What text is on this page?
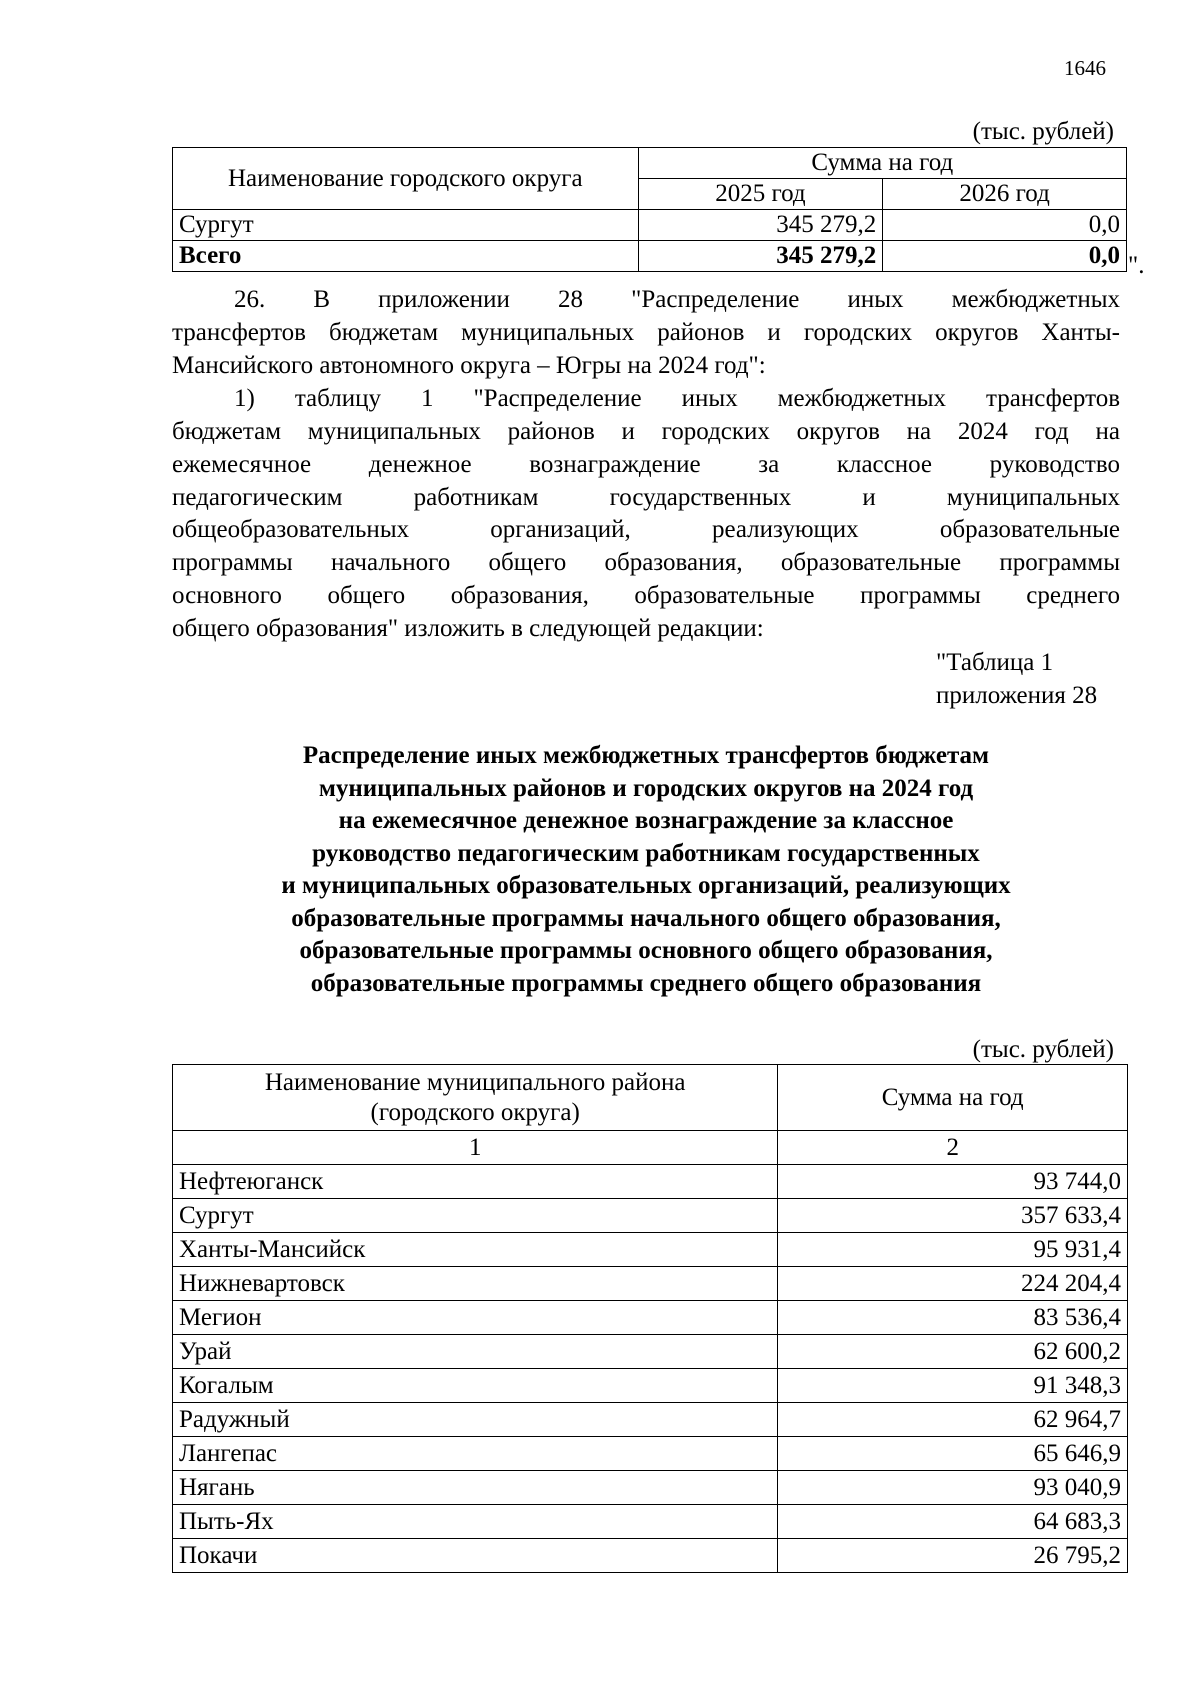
1646
(тыс. рублей)
Наименование городского округа	Сумма на год	
	2025 год	2026 год
Сургут	345 279,2	0,0
Всего	345 279,2	0,0 ".
26. В приложении 28 "Распределение иных межбюджетных
трансфертов бюджетам муниципальных районов и городских округов Ханты-
Мансийского автономного округа – Югры на 2024 год":
1) таблицу 1 "Распределение иных межбюджетных трансфертов
бюджетам муниципальных районов и городских округов на 2024 год на
ежемесячное денежное вознаграждение за классное руководство
педагогическим работникам государственных и муниципальных
общеобразовательных организаций, реализующих образовательные
программы начального общего образования, образовательные программы
основного общего образования, образовательные программы среднего
общего образования" изложить в следующей редакции:
"Таблица 1
приложения 28
Распределение иных межбюджетных трансфертов бюджетам
муниципальных районов и городских округов на 2024 год
на ежемесячное денежное вознаграждение за классное
руководство педагогическим работникам государственных
и муниципальных образовательных организаций, реализующих
образовательные программы начального общего образования,
образовательные программы основного общего образования,
образовательные программы среднего общего образования
(тыс. рублей)
Наименование муниципального района
(городского округа)	Сумма на год
1	2
Нефтеюганск	93 744,0
Сургут	357 633,4
Ханты-Мансийск	95 931,4
Нижневартовск	224 204,4
Мегион	83 536,4
Урай	62 600,2
Когалым	91 348,3
Радужный	62 964,7
Лангепас	65 646,9
Нягань	93 040,9
Пыть-Ях	64 683,3
Покачи	26 795,2
